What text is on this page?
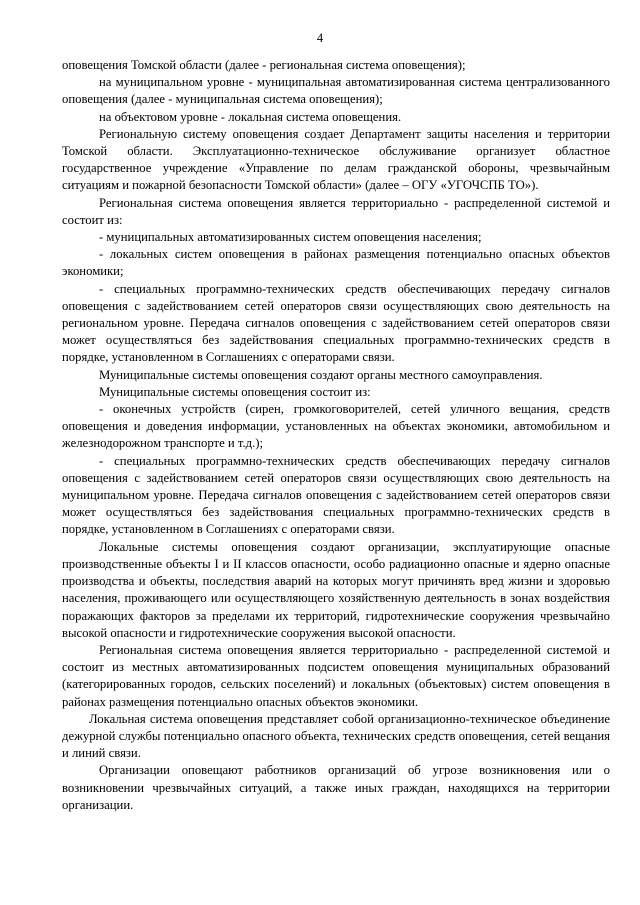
4

оповещения Томской области (далее - региональная система оповещения);

на муниципальном уровне - муниципальная автоматизированная система централизованного оповещения (далее - муниципальная система оповещения);

на объектовом уровне - локальная система оповещения.

Региональную систему оповещения создает Департамент защиты населения и территории Томской области. Эксплуатационно-техническое обслуживание организует областное государственное учреждение «Управление по делам гражданской обороны, чрезвычайным ситуациям и пожарной безопасности Томской области» (далее – ОГУ «УГОЧСПБ ТО»).

Региональная система оповещения является территориально - распределенной системой и состоит из:

- муниципальных автоматизированных систем оповещения населения;

- локальных систем оповещения в районах размещения потенциально опасных объектов экономики;

- специальных программно-технических средств обеспечивающих передачу сигналов оповещения с задействованием сетей операторов связи осуществляющих свою деятельность на региональном уровне. Передача сигналов оповещения с задействованием сетей операторов связи может осуществляться без задействования специальных программно-технических средств в порядке, установленном в Соглашениях с операторами связи.

Муниципальные системы оповещения создают органы местного самоуправления.

Муниципальные системы оповещения состоит из:

- оконечных устройств (сирен, громкоговорителей, сетей уличного вещания, средств оповещения и доведения информации, установленных на объектах экономики, автомобильном и железнодорожном транспорте и т.д.);

- специальных программно-технических средств обеспечивающих передачу сигналов оповещения с задействованием сетей операторов связи осуществляющих свою деятельность на муниципальном уровне. Передача сигналов оповещения с задействованием сетей операторов связи может осуществляться без задействования специальных программно-технических средств в порядке, установленном в Соглашениях с операторами связи.

Локальные системы оповещения создают организации, эксплуатирующие опасные производственные объекты I и II классов опасности, особо радиационно опасные и ядерно опасные производства и объекты, последствия аварий на которых могут причинять вред жизни и здоровью населения, проживающего или осуществляющего хозяйственную деятельность в зонах воздействия поражающих факторов за пределами их территорий, гидротехнические сооружения чрезвычайно высокой опасности и гидротехнические сооружения высокой опасности.

Региональная система оповещения является территориально - распределенной системой и состоит из местных автоматизированных подсистем оповещения муниципальных образований (категорированных городов, сельских поселений) и локальных (объектовых) систем оповещения в районах размещения потенциально опасных объектов экономики.

Локальная система оповещения представляет собой организационно-техническое объединение дежурной службы потенциально опасного объекта, технических средств оповещения, сетей вещания и линий связи.

Организации оповещают работников организаций об угрозе возникновения или о возникновении чрезвычайных ситуаций, а также иных граждан, находящихся на территории организации.
